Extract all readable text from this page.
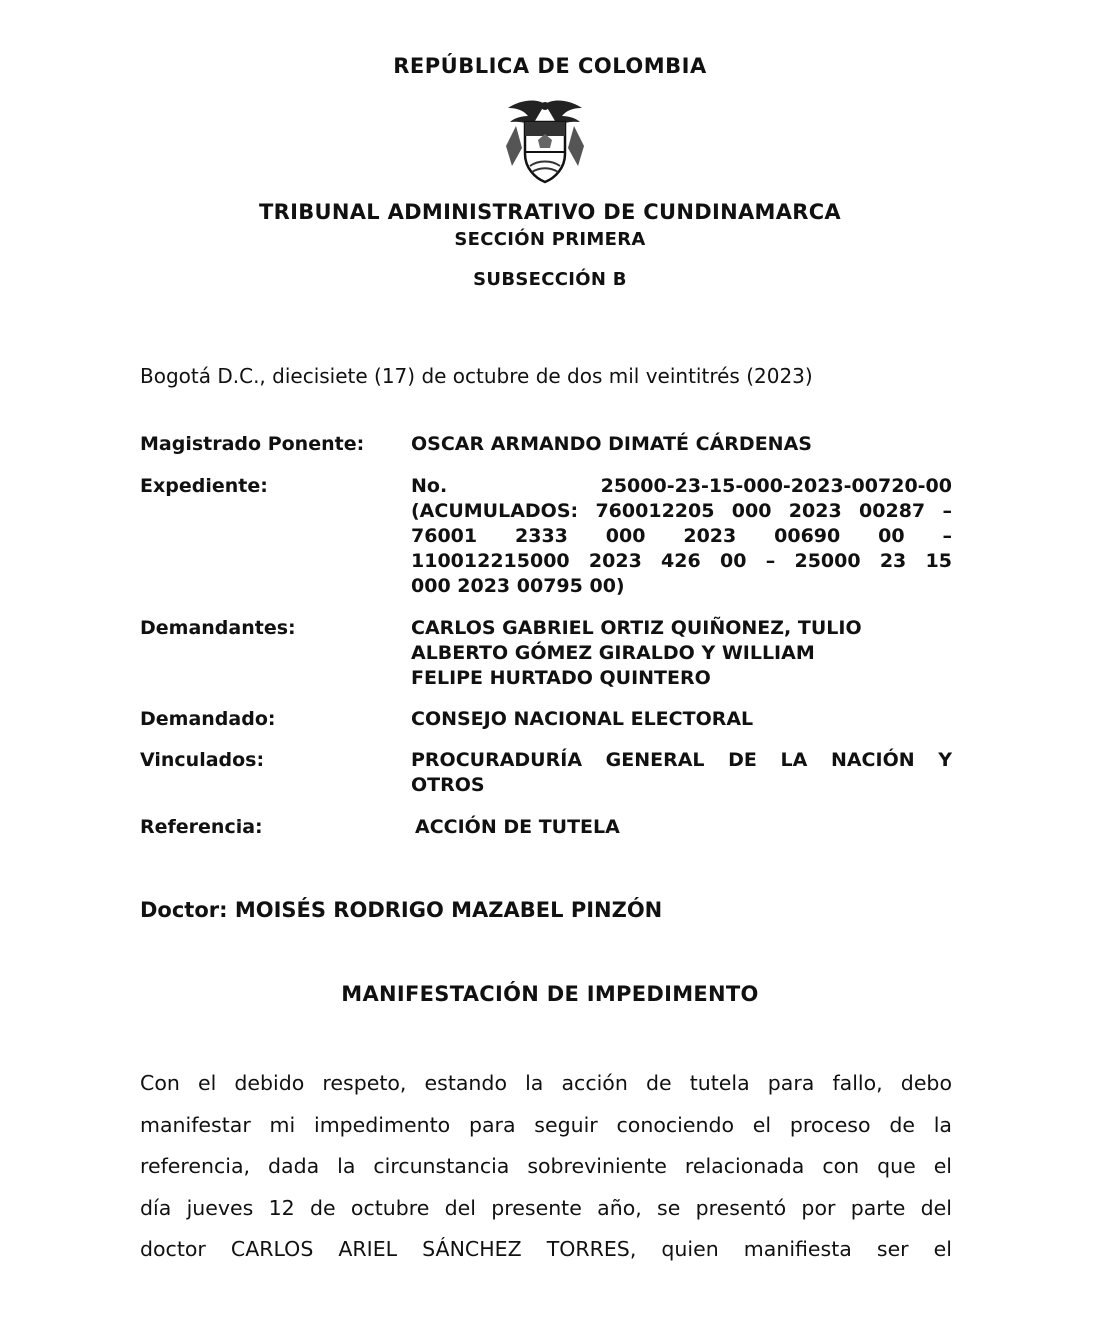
REPÚBLICA DE COLOMBIA
TRIBUNAL ADMINISTRATIVO DE CUNDINAMARCA
SECCIÓN PRIMERA
SUBSECCIÓN B
Bogotá D.C., diecisiete (17) de octubre de dos mil veintitrés (2023)
Magistrado Ponente: OSCAR ARMANDO DIMATÉ CÁRDENAS
Expediente:	No.	25000-23-15-000-2023-00720-00
(ACUMULADOS: 760012205 000 2023 00287 –
76001 2333 000 2023 00690 00 –
110012215000 2023 426 00 – 25000 23 15
000 2023 00795 00)
Demandantes:	CARLOS GABRIEL ORTIZ QUIÑONEZ, TULIO
ALBERTO GÓMEZ GIRALDO Y WILLIAM
FELIPE HURTADO QUINTERO
Demandado:	CONSEJO NACIONAL ELECTORAL
Vinculados:	PROCURADURÍA GENERAL DE LA NACIÓN Y
OTROS
Referencia:	ACCIÓN DE TUTELA
Doctor: MOISÉS RODRIGO MAZABEL PINZÓN
MANIFESTACIÓN DE IMPEDIMENTO
Con el debido respeto, estando la acción de tutela para fallo, debo
manifestar mi impedimento para seguir conociendo el proceso de la
referencia, dada la circunstancia sobreviniente relacionada con que el
día jueves 12 de octubre del presente año, se presentó por parte del
doctor CARLOS ARIEL SÁNCHEZ TORRES, quien manifiesta ser el
